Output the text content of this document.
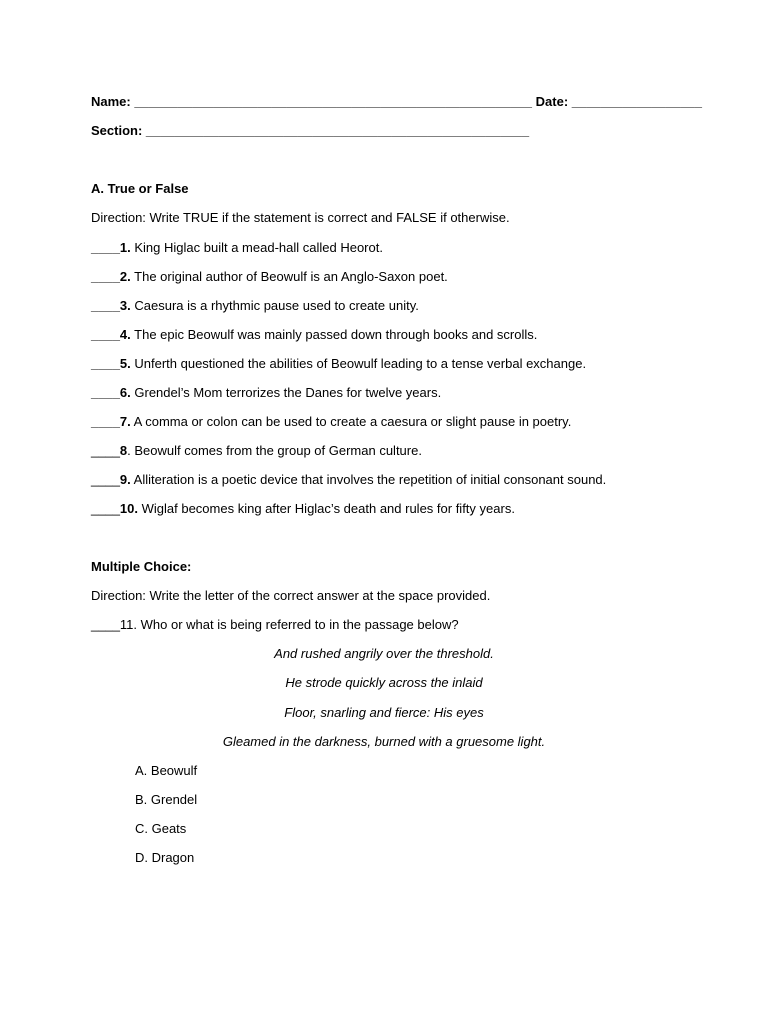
Name: _______________________________________________________ Date: __________________
Section: _____________________________________________________
A. True or False
Direction: Write TRUE if the statement is correct and FALSE if otherwise.
____1. King Higlac built a mead-hall called Heorot.
____2. The original author of Beowulf is an Anglo-Saxon poet.
____3. Caesura is a rhythmic pause used to create unity.
____4. The epic Beowulf was mainly passed down through books and scrolls.
____5. Unferth questioned the abilities of Beowulf leading to a tense verbal exchange.
____6. Grendel’s Mom terrorizes the Danes for twelve years.
____7. A comma or colon can be used to create a caesura or slight pause in poetry.
____8. Beowulf comes from the group of German culture.
____9. Alliteration is a poetic device that involves the repetition of initial consonant sound.
____10. Wiglaf becomes king after Higlac’s death and rules for fifty years.
Multiple Choice:
Direction: Write the letter of the correct answer at the space provided.
____11. Who or what is being referred to in the passage below?
And rushed angrily over the threshold.
He strode quickly across the inlaid
Floor, snarling and fierce: His eyes
Gleamed in the darkness, burned with a gruesome light.
A. Beowulf
B. Grendel
C. Geats
D. Dragon
